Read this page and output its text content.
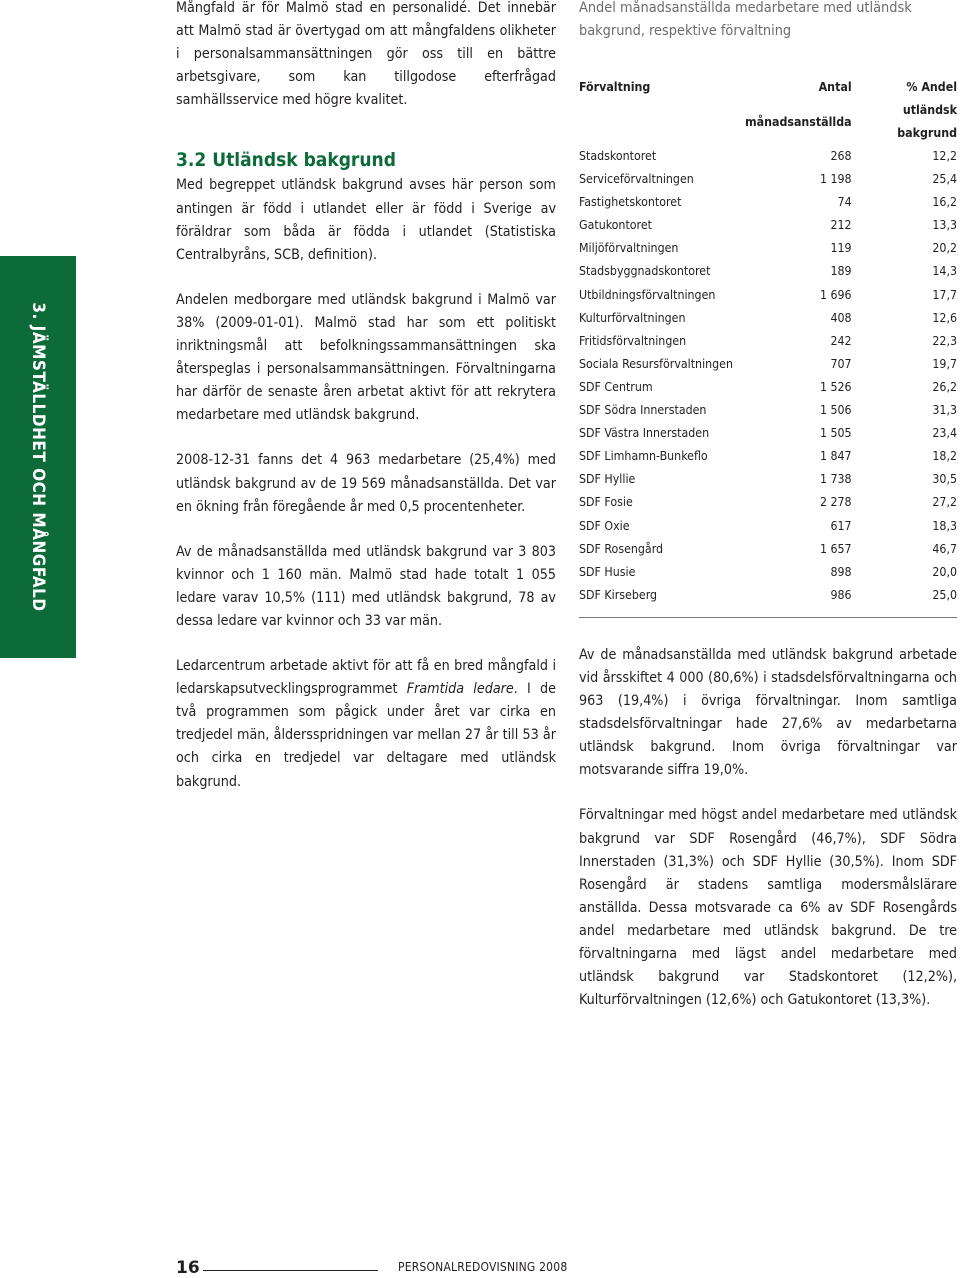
3. JÄMSTÄLLDHET OCH MÅNGFALD

Mångfald är för Malmö stad en personalidé. Det innebär att Malmö stad är övertygad om att mångfaldens olikheter i personalsammansättningen gör oss till en bättre arbetsgivare, som kan tillgodose efterfrågad samhällsservice med högre kvalitet.

3.2 Utländsk bakgrund

Med begreppet utländsk bakgrund avses här person som antingen är född i utlandet eller är född i Sverige av föräldrar som båda är födda i utlandet (Statistiska Centralbyråns, SCB, definition).

Andelen medborgare med utländsk bakgrund i Malmö var 38% (2009-01-01). Malmö stad har som ett politiskt inriktningsmål att befolkningssammansättningen ska återspeglas i personalsammansättningen. Förvaltningarna har därför de senaste åren arbetat aktivt för att rekrytera medarbetare med utländsk bakgrund.

2008-12-31 fanns det 4 963 medarbetare (25,4%) med utländsk bakgrund av de 19 569 månadsanställda. Det var en ökning från föregående år med 0,5 procentenheter.

Av de månadsanställda med utländsk bakgrund var 3 803 kvinnor och 1 160 män. Malmö stad hade totalt 1 055 ledare varav 10,5% (111) med utländsk bakgrund, 78 av dessa ledare var kvinnor och 33 var män.

Ledarcentrum arbetade aktivt för att få en bred mångfald i ledarskapsutvecklingsprogrammet Framtida ledare. I de två programmen som pågick under året var cirka en tredjedel män, åldersspridningen var mellan 27 år till 53 år och cirka en tredjedel var deltagare med utländsk bakgrund.

Andel månadsanställda medarbetare med utländsk bakgrund, respektive förvaltning

Förvaltning	Antal	% Andel
	månadsanställda	utländsk bakgrund
Stadskontoret	268	12,2
Serviceförvaltningen	1 198	25,4
Fastighetskontoret	74	16,2
Gatukontoret	212	13,3
Miljöförvaltningen	119	20,2
Stadsbyggnadskontoret	189	14,3
Utbildningsförvaltningen	1 696	17,7
Kulturförvaltningen	408	12,6
Fritidsförvaltningen	242	22,3
Sociala Resursförvaltningen	707	19,7
SDF Centrum	1 526	26,2
SDF Södra Innerstaden	1 506	31,3
SDF Västra Innerstaden	1 505	23,4
SDF Limhamn-Bunkeflo	1 847	18,2
SDF Hyllie	1 738	30,5
SDF Fosie	2 278	27,2
SDF Oxie	617	18,3
SDF Rosengård	1 657	46,7
SDF Husie	898	20,0
SDF Kirseberg	986	25,0

Av de månadsanställda med utländsk bakgrund arbetade vid årsskiftet 4 000 (80,6%) i stadsdelsförvaltningarna och 963 (19,4%) i övriga förvaltningar. Inom samtliga stadsdelsförvaltningar hade 27,6% av medarbetarna utländsk bakgrund. Inom övriga förvaltningar var motsvarande siffra 19,0%.

Förvaltningar med högst andel medarbetare med utländsk bakgrund var SDF Rosengård (46,7%), SDF Södra Innerstaden (31,3%) och SDF Hyllie (30,5%). Inom SDF Rosengård är stadens samtliga modersmålslärare anställda. Dessa motsvarade ca 6% av SDF Rosengårds andel medarbetare med utländsk bakgrund. De tre förvaltningarna med lägst andel medarbetare med utländsk bakgrund var Stadskontoret (12,2%), Kulturförvaltningen (12,6%) och Gatukontoret (13,3%).

16	PERSONALREDOVISNING 2008
